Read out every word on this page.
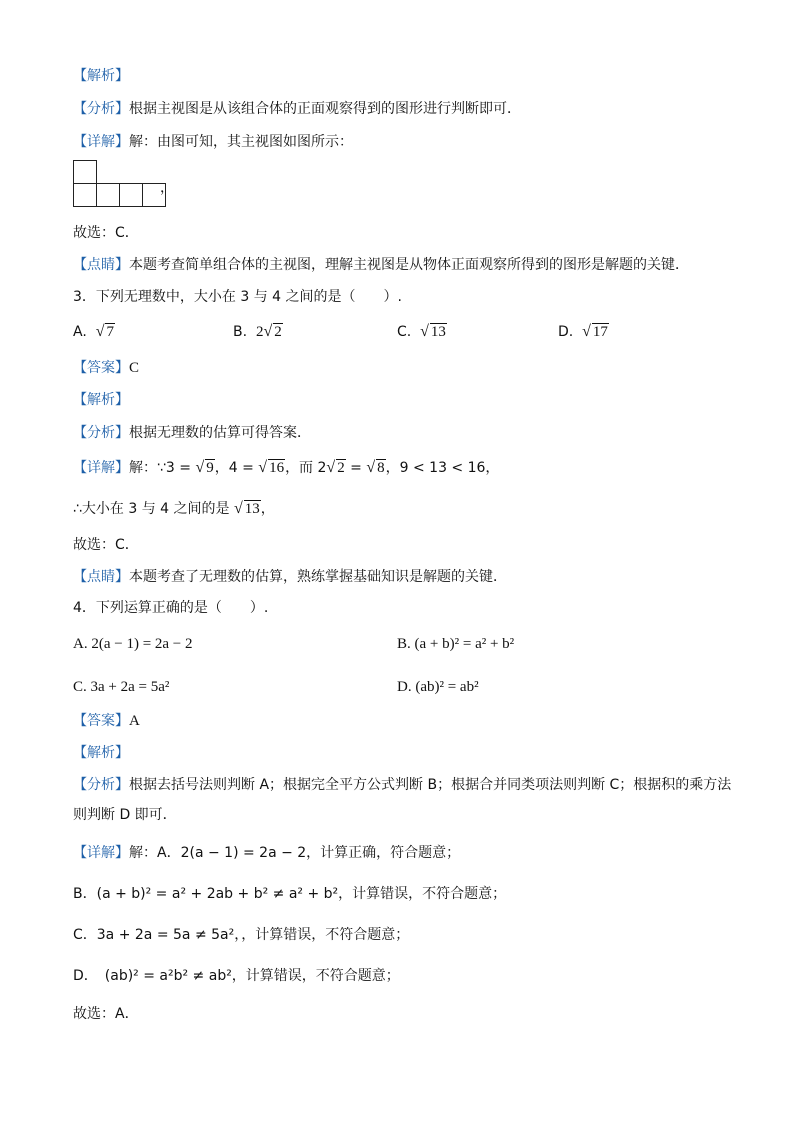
【解析】
【分析】根据主视图是从该组合体的正面观察得到的图形进行判断即可．
【详解】解：由图可知，其主视图如图所示：
，
故选：C．
【点睛】本题考查简单组合体的主视图，理解主视图是从物体正面观察所得到的图形是解题的关键．
3．下列无理数中，大小在 3 与 4 之间的是（　　）.
A. √ 7	B. 2√ 2	C. √ 13	D. √ 17
【答案】C
【解析】
【分析】根据无理数的估算可得答案．
【详解】解：∵3 = √ 9，4 = √ 16，而 2√ 2 = √ 8，9 < 13 < 16，
∴大小在 3 与 4 之间的是 √ 13，
故选：C．
【点睛】本题考查了无理数的估算，熟练掌握基础知识是解题的关键．
4．下列运算正确的是（　　）.
A. 2(a − 1) = 2a − 2	B. (a + b)² = a² + b²
C. 3a + 2a = 5a²	D. (ab)² = ab²
【答案】A
【解析】
【分析】根据去括号法则判断 A；根据完全平方公式判断 B；根据合并同类项法则判断 C；根据积的乘方法
则判断 D 即可．
【详解】解：A．2(a − 1) = 2a − 2，计算正确，符合题意；
B．(a + b)² = a² + 2ab + b² ≠ a² + b²，计算错误，不符合题意；
C．3a + 2a = 5a ≠ 5a²，，计算错误，不符合题意；
D．　(ab)² = a²b² ≠ ab²，计算错误，不符合题意；
故选：A．
